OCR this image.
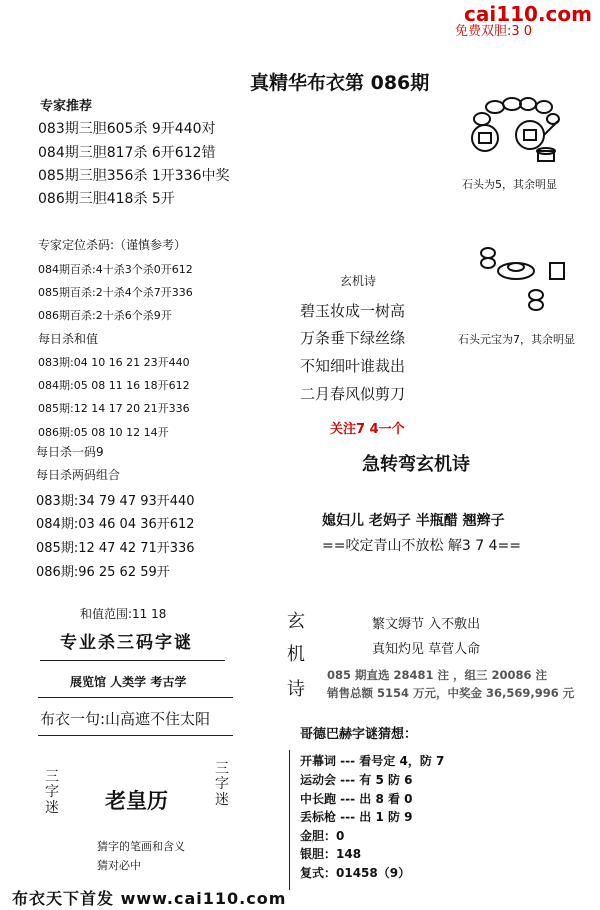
cai110.com
免费双胆:3 0
真精华布衣第 086期
专家推荐
083期三胆605杀 9开440对
084期三胆817杀 6开612错
085期三胆356杀 1开336中奖
086期三胆418杀 5开
专家定位杀码:（谨慎参考）
084期百杀:4十杀3个杀0开612
085期百杀:2十杀4个杀7开336
086期百杀:2十杀6个杀9开
每日杀和值
083期:04 10 16 21 23开440
084期:05 08 11 16 18开612
085期:12 14 17 20 21开336
086期:05 08 10 12 14开
每日杀一码9
每日杀两码组合
083期:34 79 47 93开440
084期:03 46 04 36开612
085期:12 47 42 71开336
086期:96 25 62 59开
和值范围:11 18
专业杀三码字谜
展览馆 人类学 考古学
布衣一句:山高遮不住太阳
三字迷 老皇历
三字迷
猜字的笔画和含义
猜对必中
石头为5，其余明显
石头元宝为7，其余明显
玄机诗
碧玉妆成一树高
万条垂下绿丝绦
不知细叶谁裁出
二月春风似剪刀
关注7 4一个
急转弯玄机诗
媳妇儿 老妈子 半瓶醋 翘辫子
==咬定青山不放松 解3 7 4==
玄
机
诗
繁文缛节 入不敷出
真知灼见 草菅人命
085 期直选 28481 注 ，组三 20086 注
销售总额 5154 万元，中奖金 36,569,996 元
哥德巴赫字谜猜想：
开幕词 --- 看号定 4，防 7
运动会 --- 有 5 防 6
中长跑 --- 出 8 看 0
丢标枪 --- 出 1 防 9
金胆：0
银胆：148
复式：01458（9）
布衣天下首发 www.cai110.com
